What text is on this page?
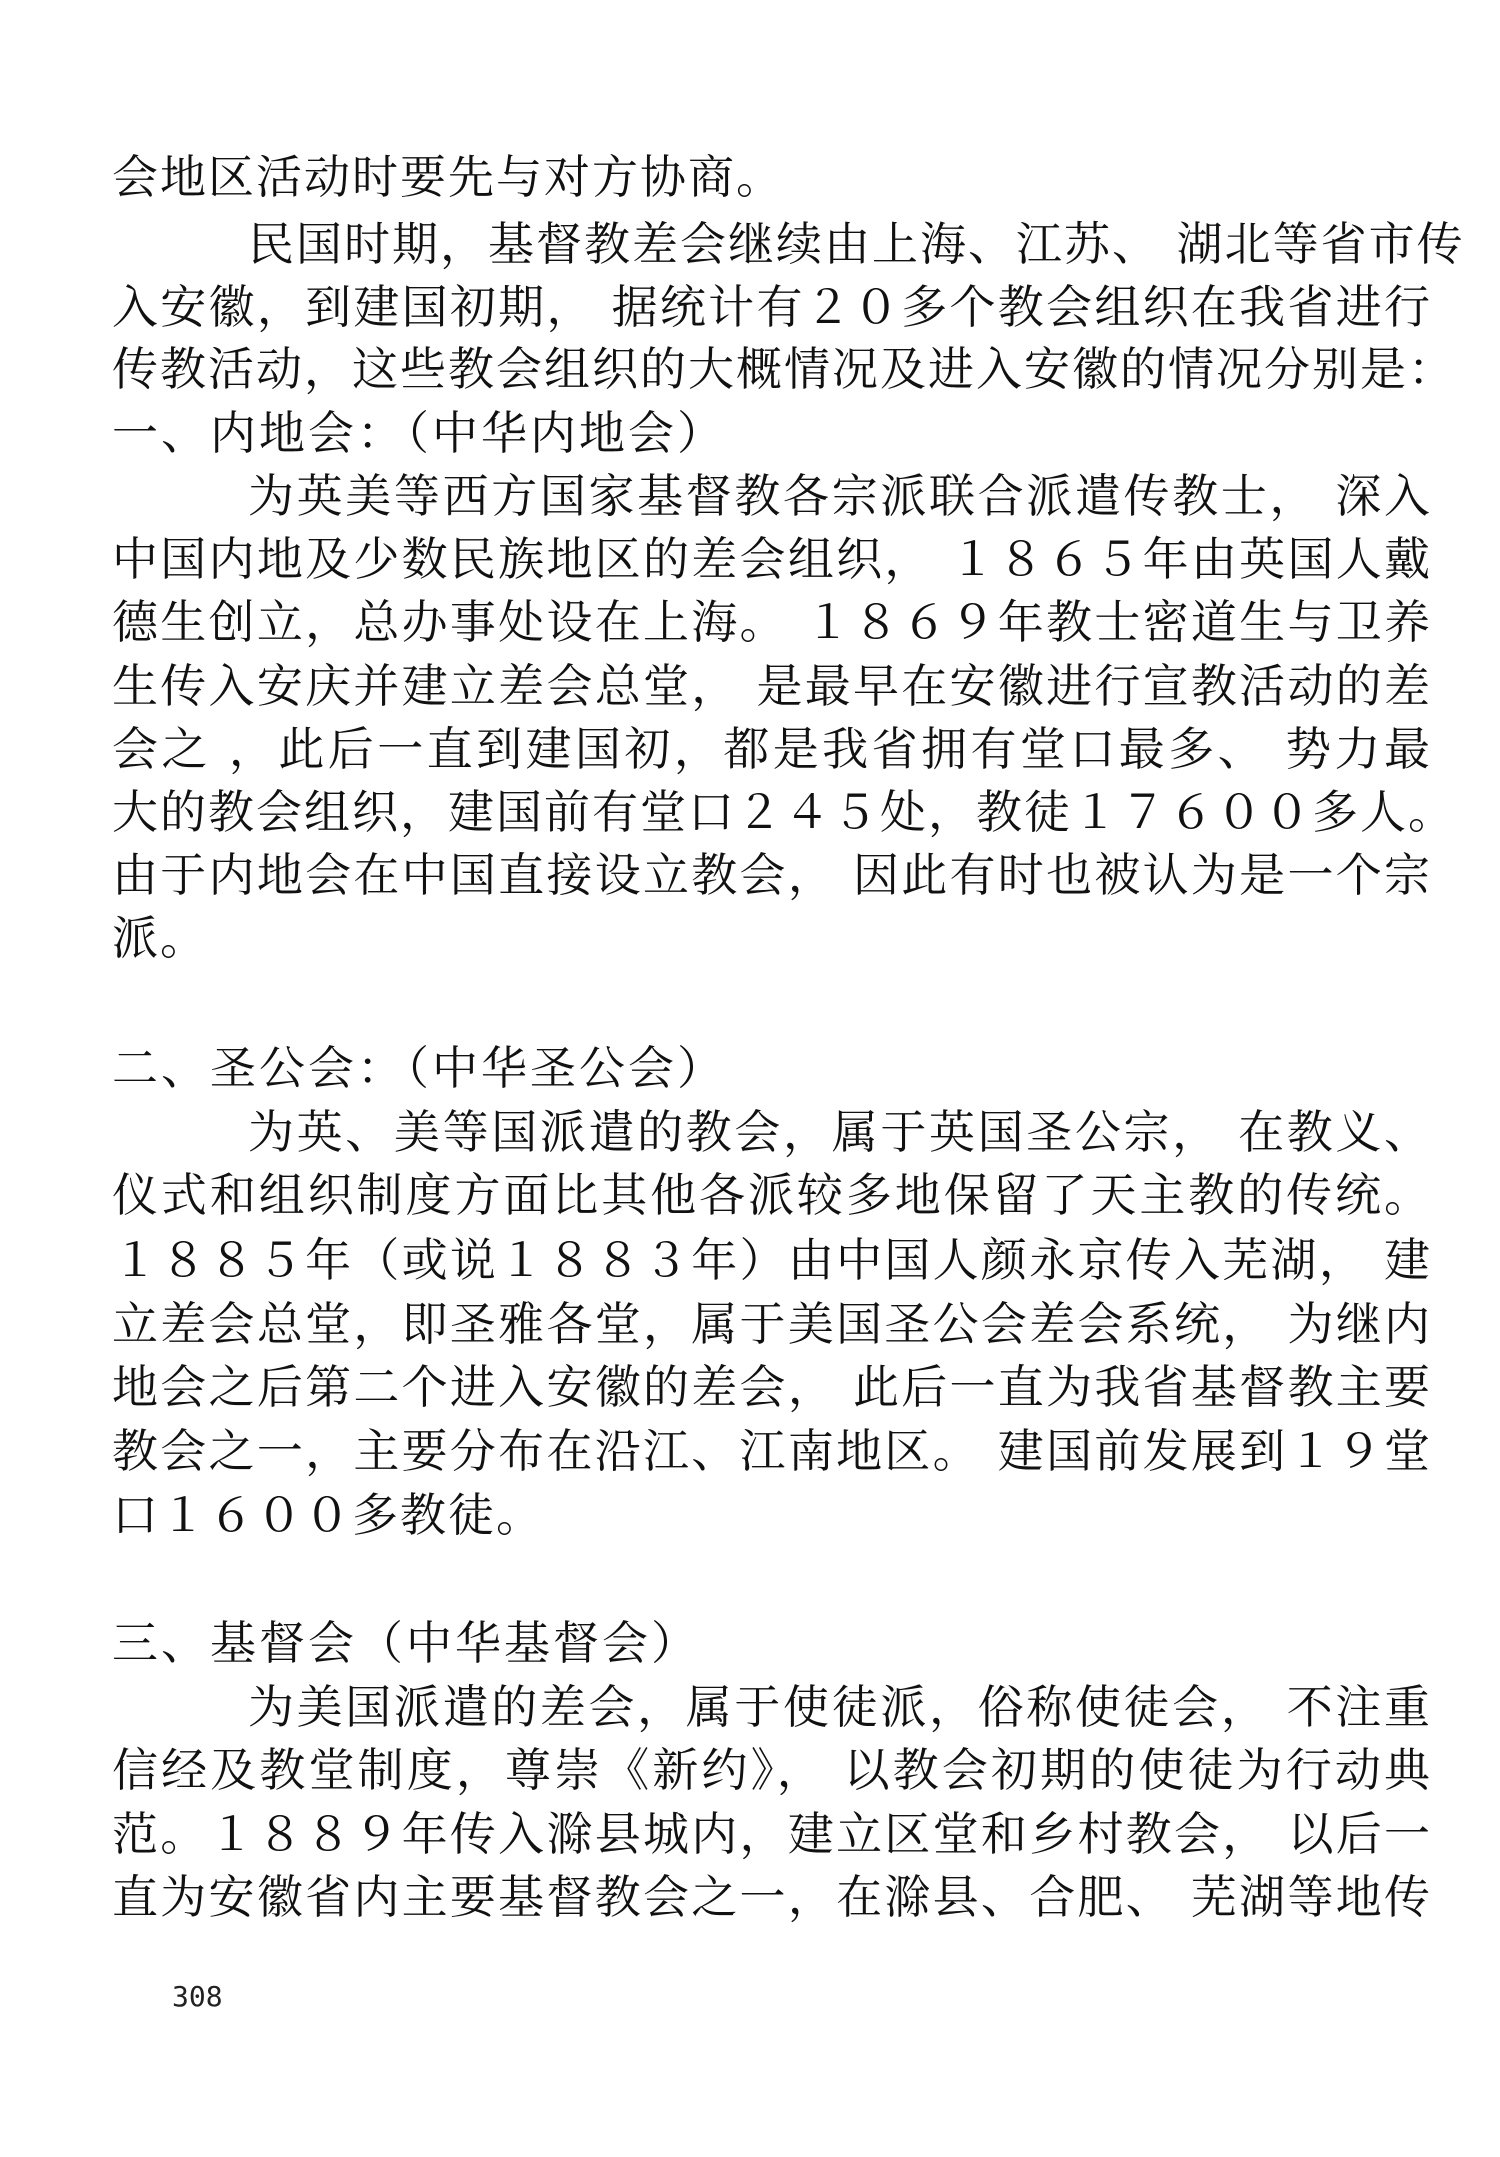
会地区活动时要先与对方协商。
民国时期，基督教差会继续由上海、江苏、 湖北等省市传
入安徽，到建国初期， 据统计有２０多个教会组织在我省进行
传教活动，这些教会组织的大概情况及进入安徽的情况分别是：
一、内地会：（中华内地会）
为英美等西方国家基督教各宗派联合派遣传教士， 深入
中国内地及少数民族地区的差会组织， １８６５年由英国人戴
德生创立，总办事处设在上海。 １８６９年教士密道生与卫养
生传入安庆并建立差会总堂， 是最早在安徽进行宣教活动的差
会之 ，此后一直到建国初，都是我省拥有堂口最多、 势力最
大的教会组织，建国前有堂口２４５处，教徒１７６００多人。
由于内地会在中国直接设立教会， 因此有时也被认为是一个宗
派。
二、圣公会：（中华圣公会）
为英、美等国派遣的教会，属于英国圣公宗， 在教义、
仪式和组织制度方面比其他各派较多地保留了天主教的传统。
１８８５年（或说１８８３年）由中国人颜永京传入芜湖， 建
立差会总堂，即圣雅各堂，属于美国圣公会差会系统， 为继内
地会之后第二个进入安徽的差会， 此后一直为我省基督教主要
教会之一，主要分布在沿江、江南地区。 建国前发展到１９堂
口１６００多教徒。
三、基督会（中华基督会）
为美国派遣的差会，属于使徒派，俗称使徒会， 不注重
信经及教堂制度，尊崇《新约》， 以教会初期的使徒为行动典
范。１８８９年传入滁县城内，建立区堂和乡村教会， 以后一
直为安徽省内主要基督教会之一，在滁县、合肥、 芜湖等地传
308
